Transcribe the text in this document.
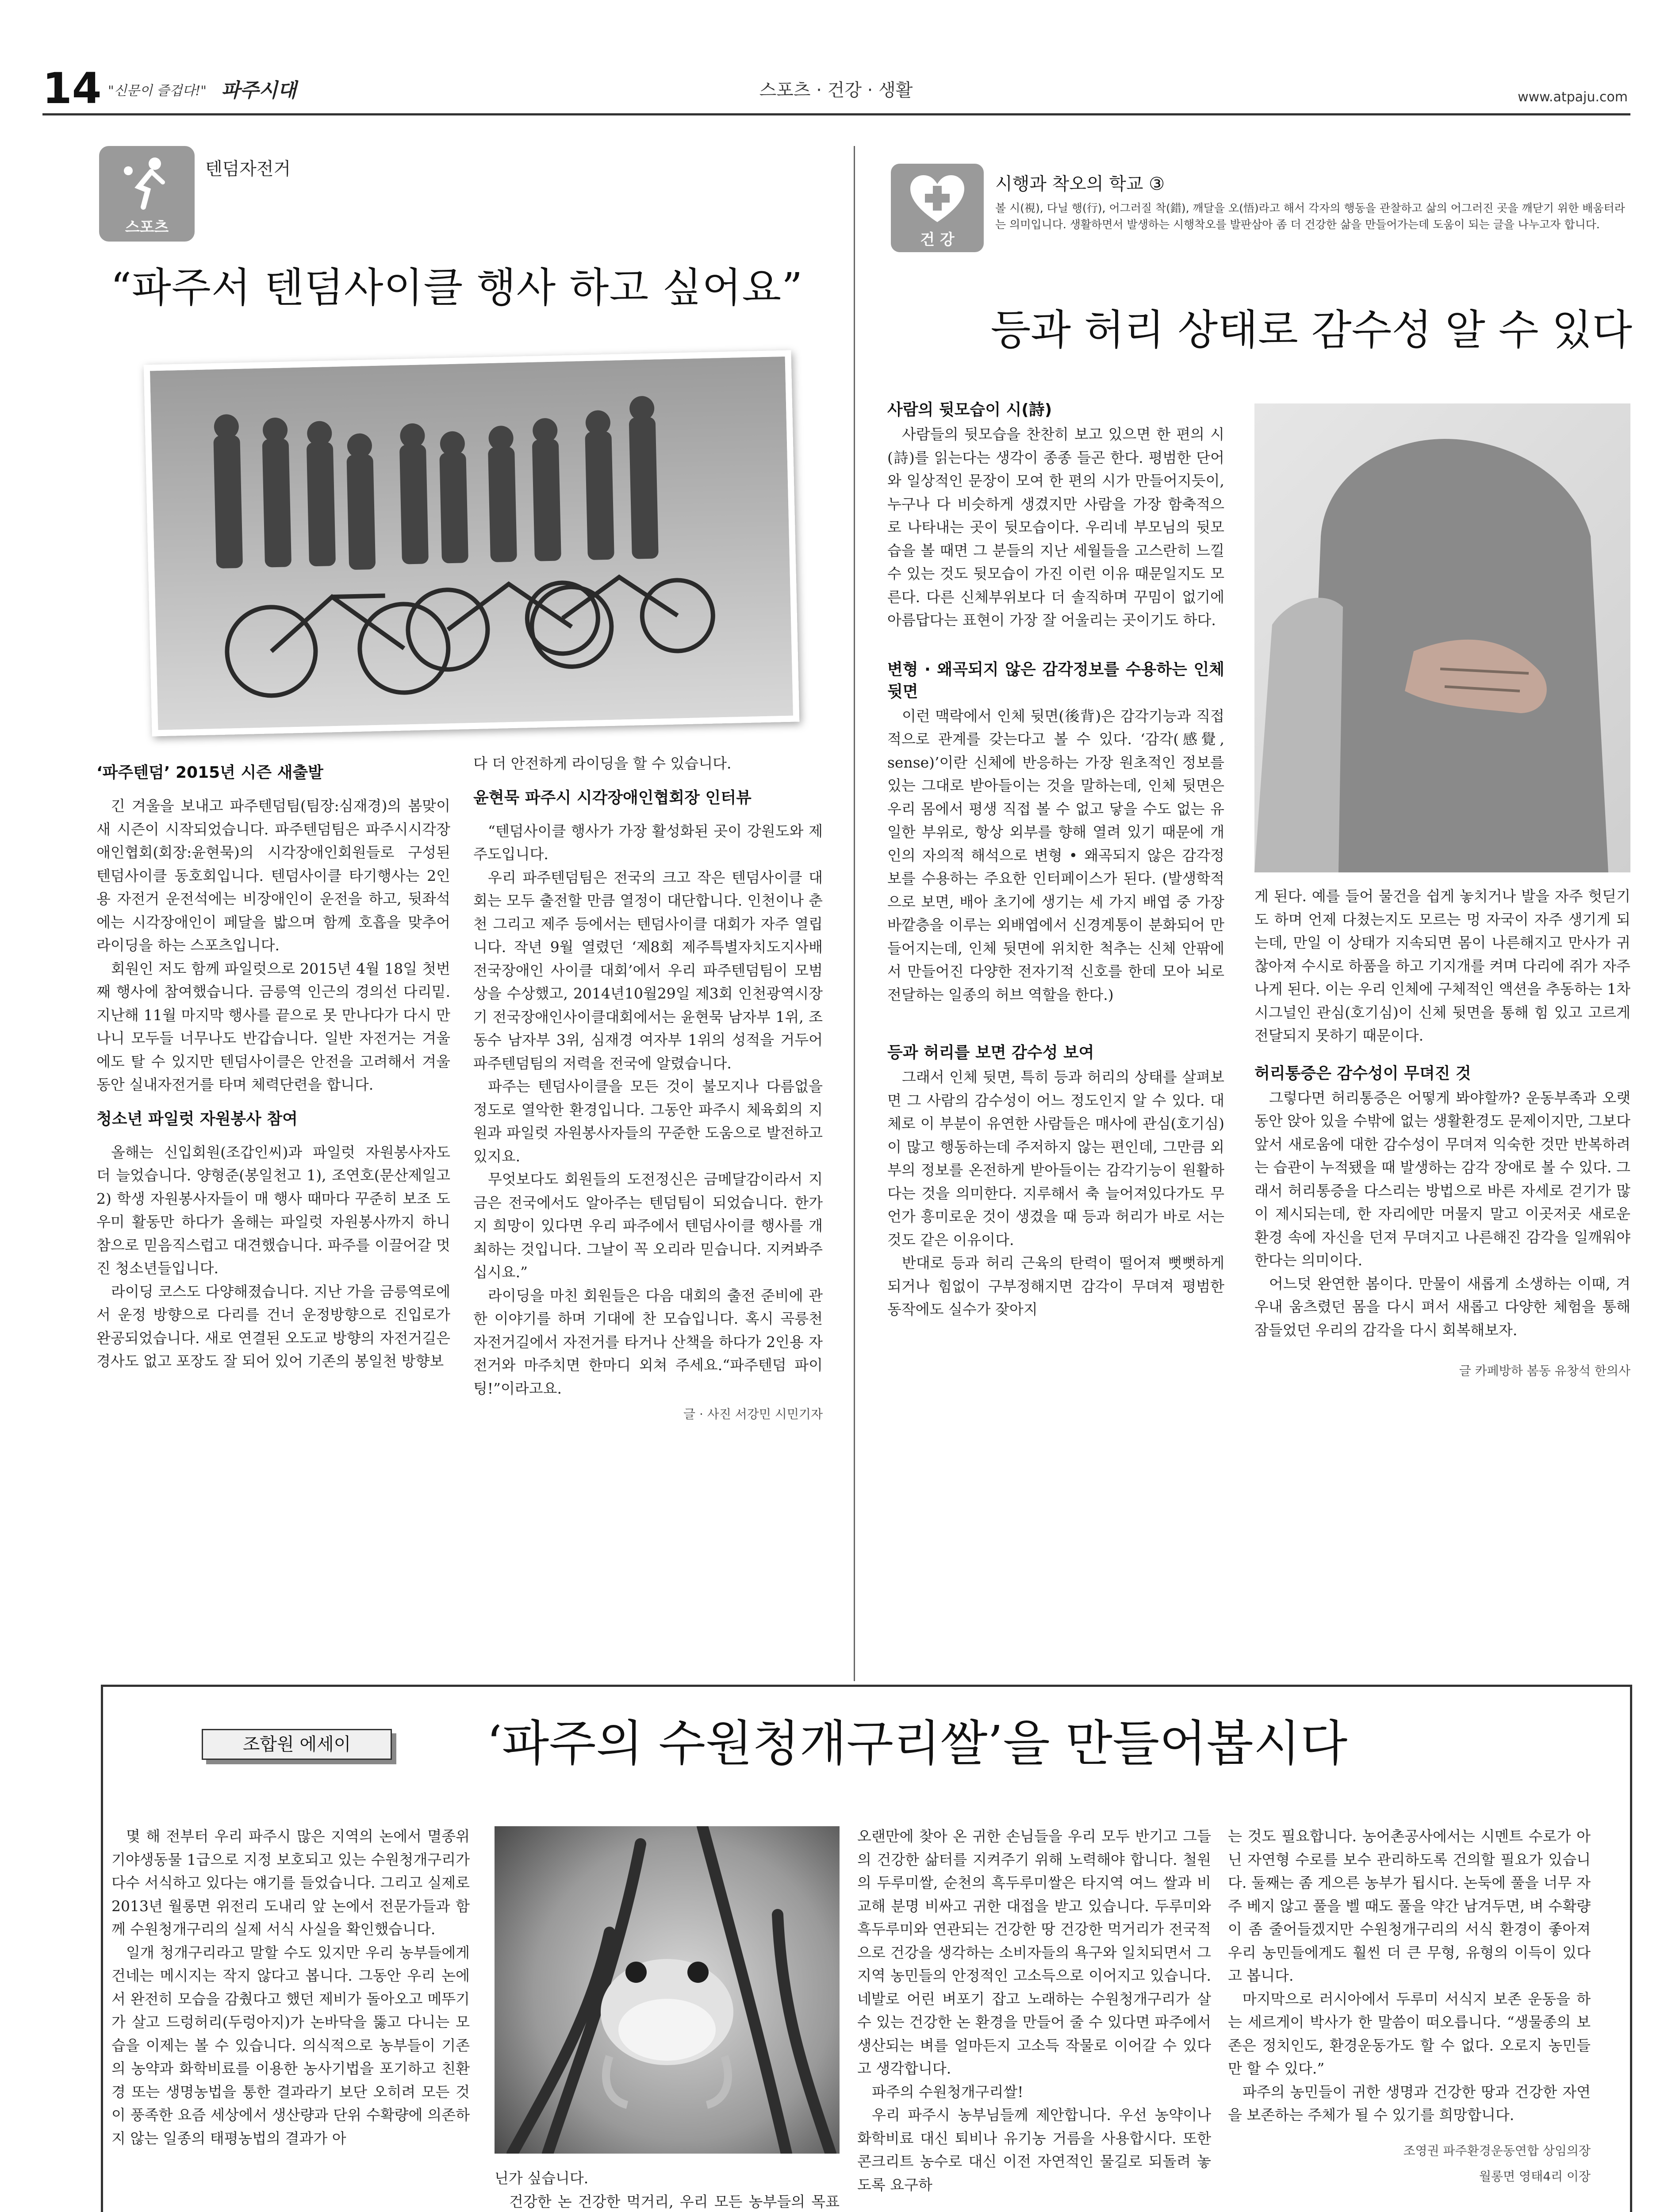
14 "신문이 즐겁다!" 파주시대	스포츠 · 건강 · 생활	www.atpaju.com
스포츠
텐덤자전거
“파주서 텐덤사이클 행사 하고 싶어요”
‘파주텐덤’ 2015년 시즌 새출발

긴 겨울을 보내고 파주텐덤팀(팀장:심재경)의 봄맞이 새 시즌이 시작되었습니다. 파주텐덤팀은 파주시시각장애인협회(회장:윤현묵)의 시각장애인회원들로 구성된 텐덤사이클 동호회입니다. 텐덤사이클 타기행사는 2인용 자전거 운전석에는 비장애인이 운전을 하고, 뒷좌석에는 시각장애인이 페달을 밟으며 함께 호흡을 맞추어 라이딩을 하는 스포츠입니다.

회원인 저도 함께 파일럿으로 2015년 4월 18일 첫번째 행사에 참여했습니다. 금릉역 인근의 경의선 다리밑. 지난해 11월 마지막 행사를 끝으로 못 만나다가 다시 만나니 모두들 너무나도 반갑습니다. 일반 자전거는 겨울에도 탈 수 있지만 텐덤사이클은 안전을 고려해서 겨울동안 실내자전거를 타며 체력단련을 합니다.

청소년 파일럿 자원봉사 참여

올해는 신입회원(조갑인씨)과 파일럿 자원봉사자도 더 늘었습니다. 양형준(봉일천고 1), 조연호(문산제일고 2) 학생 자원봉사자들이 매 행사 때마다 꾸준히 보조 도우미 활동만 하다가 올해는 파일럿 자원봉사까지 하니 참으로 믿음직스럽고 대견했습니다. 파주를 이끌어갈 멋진 청소년들입니다.

라이딩 코스도 다양해졌습니다. 지난 가을 금릉역로에서 운정 방향으로 다리를 건너 운정방향으로 진입로가 완공되었습니다. 새로 연결된 오도교 방향의 자전거길은 경사도 없고 포장도 잘 되어 있어 기존의 봉일천 방향보

다 더 안전하게 라이딩을 할 수 있습니다.

윤현묵 파주시 시각장애인협회장 인터뷰

“텐덤사이클 행사가 가장 활성화된 곳이 강원도와 제주도입니다.

우리 파주텐덤팀은 전국의 크고 작은 텐덤사이클 대회는 모두 출전할 만큼 열정이 대단합니다. 인천이나 춘천 그리고 제주 등에서는 텐덤사이클 대회가 자주 열립니다. 작년 9월 열렸던 ‘제8회 제주특별자치도지사배 전국장애인 사이클 대회’에서 우리 파주텐덤팀이 모범상을 수상했고, 2014년10월29일 제3회 인천광역시장기 전국장애인사이클대회에서는 윤현묵 남자부 1위, 조동수 남자부 3위, 심재경 여자부 1위의 성적을 거두어 파주텐덤팀의 저력을 전국에 알렸습니다.

파주는 텐덤사이클을 모든 것이 불모지나 다름없을 정도로 열악한 환경입니다. 그동안 파주시 체육회의 지원과 파일럿 자원봉사자들의 꾸준한 도움으로 발전하고 있지요.

무엇보다도 회원들의 도전정신은 금메달감이라서 지금은 전국에서도 알아주는 텐덤팀이 되었습니다. 한가지 희망이 있다면 우리 파주에서 텐덤사이클 행사를 개최하는 것입니다. 그날이 꼭 오리라 믿습니다. 지켜봐주십시요.”

라이딩을 마친 회원들은 다음 대회의 출전 준비에 관한 이야기를 하며 기대에 찬 모습입니다. 혹시 곡릉천 자전거길에서 자전거를 타거나 산책을 하다가 2인용 자전거와 마주치면 한마디 외쳐 주세요.“파주텐덤 파이팅!”이라고요.

글 · 사진 서강민 시민기자

건 강
시행과 착오의 학교 ③
볼 시(視), 다닐 행(行), 어그러질 착(錯), 깨달을 오(悟)라고 해서 각자의 행동을 관찰하고 삶의 어그러진 곳을 깨닫기 위한 배움터라는 의미입니다. 생활하면서 발생하는 시행착오를 발판삼아 좀 더 건강한 삶을 만들어가는데 도움이 되는 글을 나누고자 합니다.
등과 허리 상태로 감수성 알 수 있다
사람의 뒷모습이 시(詩)

사람들의 뒷모습을 찬찬히 보고 있으면 한 편의 시(詩)를 읽는다는 생각이 종종 들곤 한다. 평범한 단어와 일상적인 문장이 모여 한 편의 시가 만들어지듯이, 누구나 다 비슷하게 생겼지만 사람을 가장 함축적으로 나타내는 곳이 뒷모습이다. 우리네 부모님의 뒷모습을 볼 때면 그 분들의 지난 세월들을 고스란히 느낄 수 있는 것도 뒷모습이 가진 이런 이유 때문일지도 모른다. 다른 신체부위보다 더 솔직하며 꾸밈이 없기에 아름답다는 표현이 가장 잘 어울리는 곳이기도 하다.

변형 · 왜곡되지 않은 감각정보를 수용하는 인체 뒷면

이런 맥락에서 인체 뒷면(後背)은 감각기능과 직접적으로 관계를 갖는다고 볼 수 있다. ‘감각(感覺, sense)’이란 신체에 반응하는 가장 원초적인 정보를 있는 그대로 받아들이는 것을 말하는데, 인체 뒷면은 우리 몸에서 평생 직접 볼 수 없고 닿을 수도 없는 유일한 부위로, 항상 외부를 향해 열려 있기 때문에 개인의 자의적 해석으로 변형 • 왜곡되지 않은 감각정보를 수용하는 주요한 인터페이스가 된다. (발생학적으로 보면, 배아 초기에 생기는 세 가지 배엽 중 가장 바깥층을 이루는 외배엽에서 신경계통이 분화되어 만들어지는데, 인체 뒷면에 위치한 척추는 신체 안팎에서 만들어진 다양한 전자기적 신호를 한데 모아 뇌로 전달하는 일종의 허브 역할을 한다.)

등과 허리를 보면 감수성 보여

그래서 인체 뒷면, 특히 등과 허리의 상태를 살펴보면 그 사람의 감수성이 어느 정도인지 알 수 있다. 대체로 이 부분이 유연한 사람들은 매사에 관심(호기심)이 많고 행동하는데 주저하지 않는 편인데, 그만큼 외부의 정보를 온전하게 받아들이는 감각기능이 원활하다는 것을 의미한다. 지루해서 축 늘어져있다가도 무언가 흥미로운 것이 생겼을 때 등과 허리가 바로 서는 것도 같은 이유이다.

반대로 등과 허리 근육의 탄력이 떨어져 뻣뻣하게 되거나 힘없이 구부정해지면 감각이 무뎌져 평범한 동작에도 실수가 잦아지

게 된다. 예를 들어 물건을 쉽게 놓치거나 발을 자주 헛딛기도 하며 언제 다쳤는지도 모르는 멍 자국이 자주 생기게 되는데, 만일 이 상태가 지속되면 몸이 나른해지고 만사가 귀찮아져 수시로 하품을 하고 기지개를 켜며 다리에 쥐가 자주 나게 된다. 이는 우리 인체에 구체적인 액션을 추동하는 1차 시그널인 관심(호기심)이 신체 뒷면을 통해 힘 있고 고르게 전달되지 못하기 때문이다.

허리통증은 감수성이 무뎌진 것

그렇다면 허리통증은 어떻게 봐야할까? 운동부족과 오랫동안 앉아 있을 수밖에 없는 생활환경도 문제이지만, 그보다 앞서 새로움에 대한 감수성이 무뎌져 익숙한 것만 반복하려는 습관이 누적됐을 때 발생하는 감각 장애로 볼 수 있다. 그래서 허리통증을 다스리는 방법으로 바른 자세로 걷기가 많이 제시되는데, 한 자리에만 머물지 말고 이곳저곳 새로운 환경 속에 자신을 던져 무뎌지고 나른해진 감각을 일깨워야 한다는 의미이다.

어느덧 완연한 봄이다. 만물이 새롭게 소생하는 이때, 겨우내 움츠렸던 몸을 다시 펴서 새롭고 다양한 체험을 통해 잠들었던 우리의 감각을 다시 회복해보자.

글 카페방하 봄동 유창석 한의사

조합원 에세이	‘파주의 수원청개구리쌀’을 만들어봅시다

몇 해 전부터 우리 파주시 많은 지역의 논에서 멸종위기야생동물 1급으로 지정 보호되고 있는 수원청개구리가 다수 서식하고 있다는 얘기를 들었습니다. 그리고 실제로 2013년 월롱면 위전리 도내리 앞 논에서 전문가들과 함께 수원청개구리의 실제 서식 사실을 확인했습니다.

일개 청개구리라고 말할 수도 있지만 우리 농부들에게 건네는 메시지는 작지 않다고 봅니다. 그동안 우리 논에서 완전히 모습을 감췄다고 했던 제비가 돌아오고 메뚜기가 살고 드렁허리(두렁아지)가 논바닥을 뚫고 다니는 모습을 이제는 볼 수 있습니다. 의식적으로 농부들이 기존의 농약과 화학비료를 이용한 농사기법을 포기하고 친환경 또는 생명농법을 통한 결과라기 보단 오히려 모든 것이 풍족한 요즘 세상에서 생산량과 단위 수확량에 의존하지 않는 일종의 태평농법의 결과가 아

닌가 싶습니다.

건강한 논 건강한 먹거리, 우리 모든 농부들의 목표

오랜만에 찾아 온 귀한 손님들을 우리 모두 반기고 그들의 건강한 삶터를 지켜주기 위해 노력해야 합니다. 철원의 두루미쌀, 순천의 흑두루미쌀은 타지역 여느 쌀과 비교해 분명 비싸고 귀한 대접을 받고 있습니다. 두루미와 흑두루미와 연관되는 건강한 땅 건강한 먹거리가 전국적으로 건강을 생각하는 소비자들의 욕구와 일치되면서 그 지역 농민들의 안정적인 고소득으로 이어지고 있습니다. 네발로 어린 벼포기 잡고 노래하는 수원청개구리가 살 수 있는 건강한 논 환경을 만들어 줄 수 있다면 파주에서 생산되는 벼를 얼마든지 고소득 작물로 이어갈 수 있다고 생각합니다.

파주의 수원청개구리쌀!

우리 파주시 농부님들께 제안합니다. 우선 농약이나 화학비료 대신 퇴비나 유기농 거름을 사용합시다. 또한 콘크리트 농수로 대신 이전 자연적인 물길로 되돌려 놓도록 요구하

는 것도 필요합니다. 농어촌공사에서는 시멘트 수로가 아닌 자연형 수로를 보수 관리하도록 건의할 필요가 있습니다. 둘째는 좀 게으른 농부가 됩시다. 논둑에 풀을 너무 자주 베지 않고 풀을 벨 때도 풀을 약간 남겨두면, 벼 수확량이 좀 줄어들겠지만 수원청개구리의 서식 환경이 좋아져 우리 농민들에게도 훨씬 더 큰 무형, 유형의 이득이 있다고 봅니다.

마지막으로 러시아에서 두루미 서식지 보존 운동을 하는 세르게이 박사가 한 말씀이 떠오릅니다. “생물종의 보존은 정치인도, 환경운동가도 할 수 없다. 오로지 농민들만 할 수 있다.”

파주의 농민들이 귀한 생명과 건강한 땅과 건강한 자연을 보존하는 주체가 될 수 있기를 희망합니다.

조영권 파주환경운동연합 상임의장

월롱면 영태4리 이장
